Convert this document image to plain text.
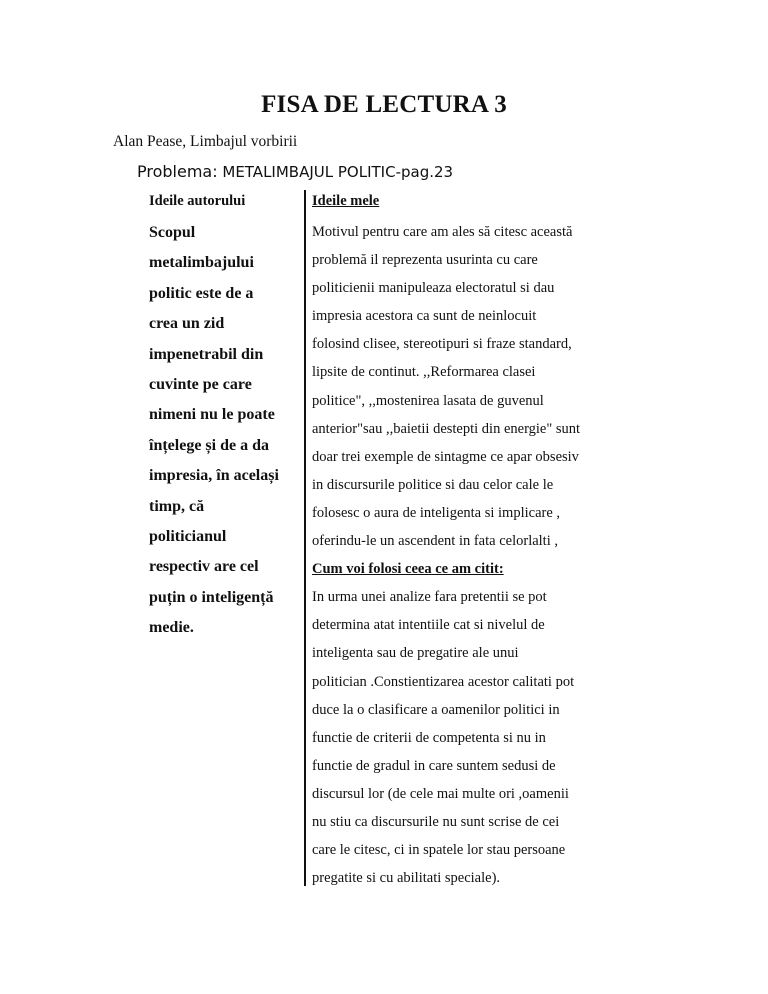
FISA DE LECTURA 3
Alan Pease, Limbajul vorbirii
Problema: METALIMBAJUL POLITIC-pag.23
Ideile autorului
Scopul
metalimbajului
politic este de a
crea un zid
impenetrabil din
cuvinte pe care
nimeni nu le poate
înțelege și de a da
impresia, în același
timp, că
politicianul
respectiv are cel
puțin o inteligență
medie.
Ideile mele
Motivul pentru care am ales să citesc această
problemă il reprezenta usurinta cu care
politicienii manipuleaza electoratul si dau
impresia acestora ca sunt de neinlocuit
folosind clisee, stereotipuri si fraze standard,
lipsite de continut. ,,Reformarea clasei
politice", ,,mostenirea lasata de guvenul
anterior"sau ,,baietii destepti din energie" sunt
doar trei exemple de sintagme ce apar obsesiv
in discursurile politice si dau celor cale le
folosesc o aura de inteligenta si implicare ,
oferindu-le un ascendent in fata celorlalti ,
Cum voi folosi ceea ce am citit:
In urma unei analize fara pretentii se pot
determina atat intentiile cat si nivelul de
inteligenta sau de pregatire ale unui
politician .Constientizarea acestor calitati pot
duce la o clasificare a oamenilor politici in
functie de criterii de competenta si nu in
functie de gradul in care suntem sedusi de
discursul lor (de cele mai multe ori ,oamenii
nu stiu ca discursurile nu sunt scrise de cei
care le citesc, ci in spatele lor stau persoane
pregatite si cu abilitati speciale).
